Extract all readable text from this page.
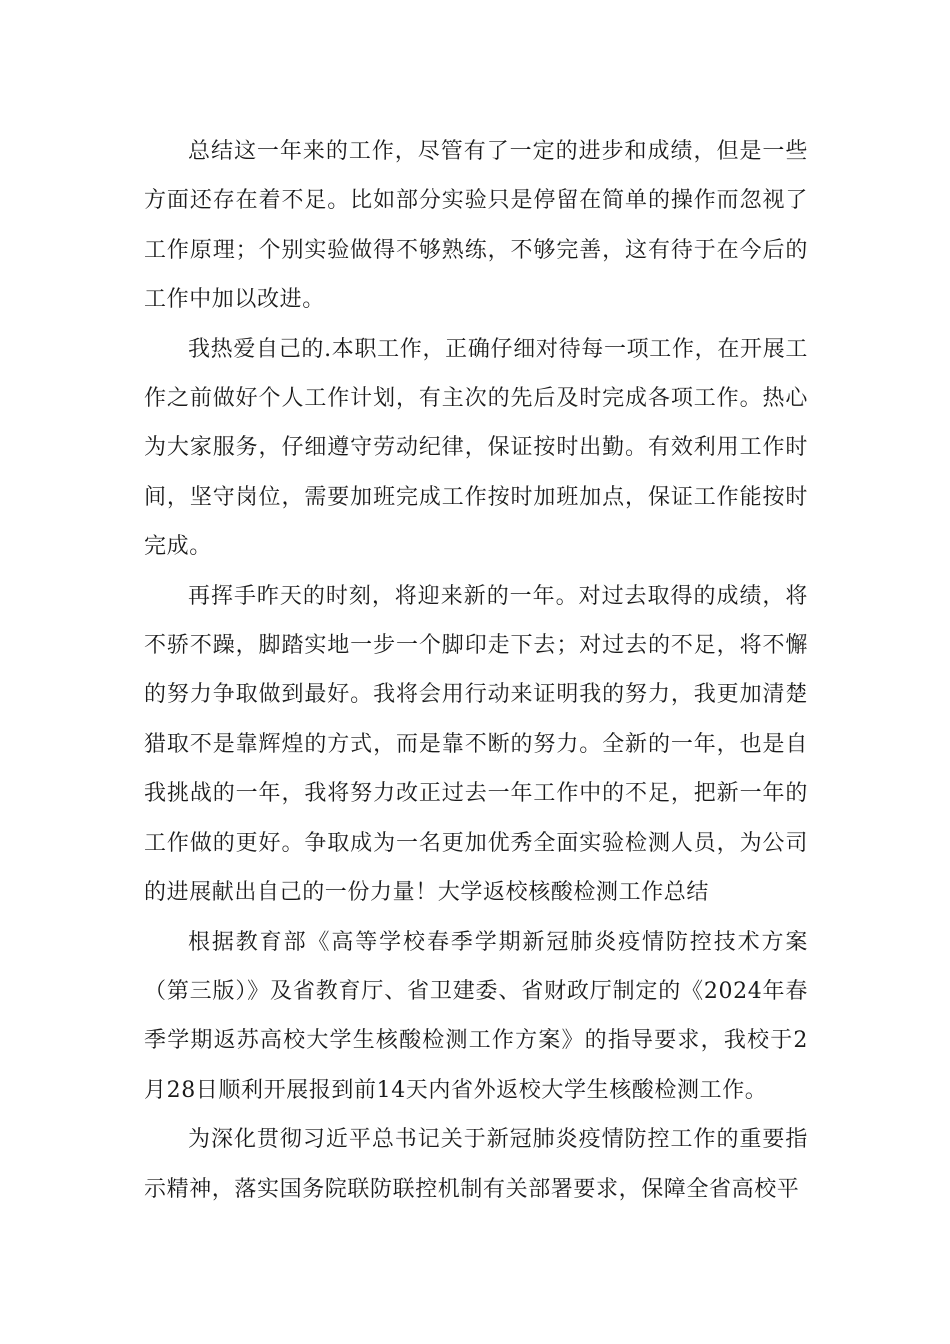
总结这一年来的工作，尽管有了一定的进步和成绩，但是一些方面还存在着不足。比如部分实验只是停留在简单的操作而忽视了工作原理；个别实验做得不够熟练，不够完善，这有待于在今后的工作中加以改进。

我热爱自己的.本职工作，正确仔细对待每一项工作，在开展工作之前做好个人工作计划，有主次的先后及时完成各项工作。热心为大家服务，仔细遵守劳动纪律，保证按时出勤。有效利用工作时间，坚守岗位，需要加班完成工作按时加班加点，保证工作能按时完成。

再挥手昨天的时刻，将迎来新的一年。对过去取得的成绩，将不骄不躁，脚踏实地一步一个脚印走下去；对过去的不足，将不懈的努力争取做到最好。我将会用行动来证明我的努力，我更加清楚猎取不是靠辉煌的方式，而是靠不断的努力。全新的一年，也是自我挑战的一年，我将努力改正过去一年工作中的不足，把新一年的工作做的更好。争取成为一名更加优秀全面实验检测人员，为公司的进展献出自己的一份力量！大学返校核酸检测工作总结

根据教育部《高等学校春季学期新冠肺炎疫情防控技术方案（第三版）》及省教育厅、省卫建委、省财政厅制定的《2024年春季学期返苏高校大学生核酸检测工作方案》的指导要求，我校于2月28日顺利开展报到前14天内省外返校大学生核酸检测工作。

为深化贯彻习近平总书记关于新冠肺炎疫情防控工作的重要指示精神，落实国务院联防联控机制有关部署要求，保障全省高校平
